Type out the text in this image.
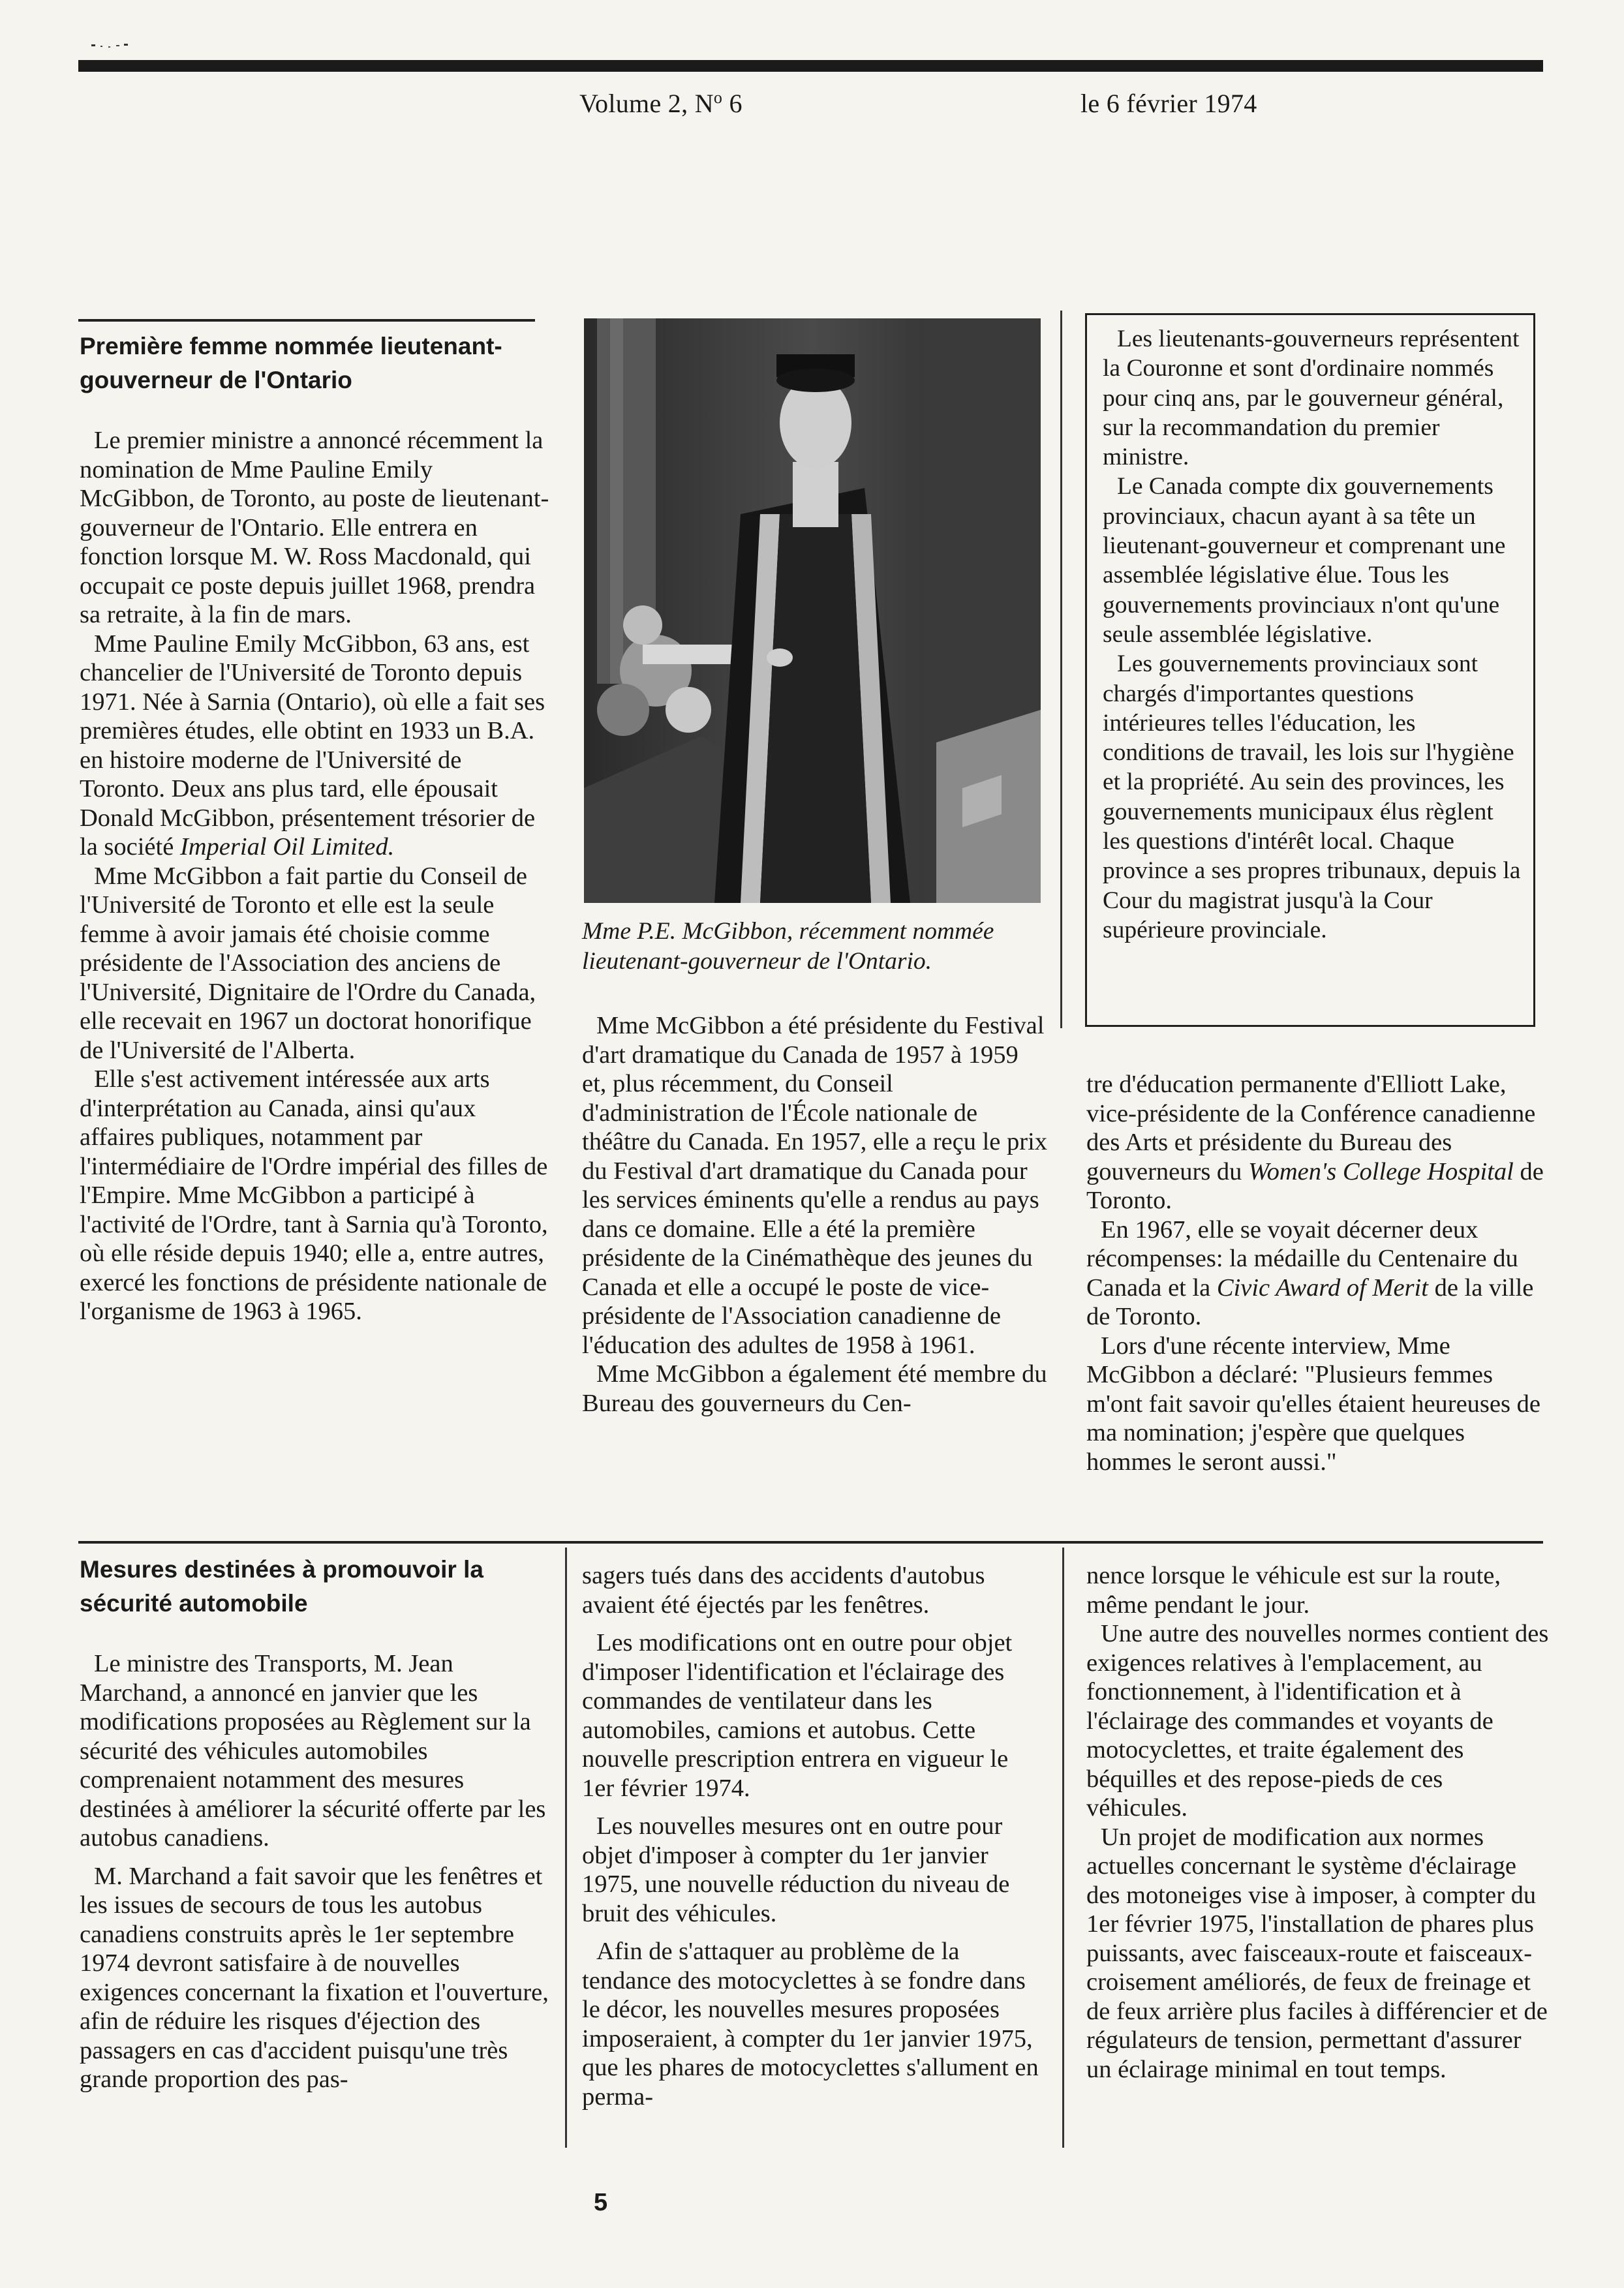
Volume 2, $N^o$ 6	le 6 février 1974
Première femme nommée lieutenant-gouverneur de l'Ontario

Le premier ministre a annoncé récemment la nomination de Mme Pauline Emily McGibbon, de Toronto, au poste de lieutenant-gouverneur de l'Ontario. Elle entrera en fonction lorsque M. W. Ross Macdonald, qui occupait ce poste depuis juillet 1968, prendra sa retraite, à la fin de mars.

Mme Pauline Emily McGibbon, 63 ans, est chancelier de l'Université de Toronto depuis 1971. Née à Sarnia (Ontario), où elle a fait ses premières études, elle obtint en 1933 un B.A. en histoire moderne de l'Université de Toronto. Deux ans plus tard, elle épousait Donald McGibbon, présentement trésorier de la société Imperial Oil Limited.

Mme McGibbon a fait partie du Conseil de l'Université de Toronto et elle est la seule femme à avoir jamais été choisie comme présidente de l'Association des anciens de l'Université, Dignitaire de l'Ordre du Canada, elle recevait en 1967 un doctorat honorifique de l'Université de l'Alberta.

Elle s'est activement intéressée aux arts d'interprétation au Canada, ainsi qu'aux affaires publiques, notamment par l'intermédiaire de l'Ordre impérial des filles de l'Empire. Mme McGibbon a participé à l'activité de l'Ordre, tant à Sarnia qu'à Toronto, où elle réside depuis 1940; elle a, entre autres, exercé les fonctions de présidente nationale de l'organisme de 1963 à 1965.

Mme P.E. McGibbon, récemment nommée lieutenant-gouverneur de l'Ontario.

Mme McGibbon a été présidente du Festival d'art dramatique du Canada de 1957 à 1959 et, plus récemment, du Conseil d'administration de l'École nationale de théâtre du Canada. En 1957, elle a reçu le prix du Festival d'art dramatique du Canada pour les services éminents qu'elle a rendus au pays dans ce domaine. Elle a été la première présidente de la Cinémathèque des jeunes du Canada et elle a occupé le poste de vice-présidente de l'Association canadienne de l'éducation des adultes de 1958 à 1961.

Mme McGibbon a également été membre du Bureau des gouverneurs du Cen-

Les lieutenants-gouverneurs représentent la Couronne et sont d'ordinaire nommés pour cinq ans, par le gouverneur général, sur la recommandation du premier ministre.

Le Canada compte dix gouvernements provinciaux, chacun ayant à sa tête un lieutenant-gouverneur et comprenant une assemblée législative élue. Tous les gouvernements provinciaux n'ont qu'une seule assemblée législative.

Les gouvernements provinciaux sont chargés d'importantes questions intérieures telles l'éducation, les conditions de travail, les lois sur l'hygiène et la propriété. Au sein des provinces, les gouvernements municipaux élus règlent les questions d'intérêt local. Chaque province a ses propres tribunaux, depuis la Cour du magistrat jusqu'à la Cour supérieure provinciale.

tre d'éducation permanente d'Elliott Lake, vice-présidente de la Conférence canadienne des Arts et présidente du Bureau des gouverneurs du Women's College Hospital de Toronto.

En 1967, elle se voyait décerner deux récompenses: la médaille du Centenaire du Canada et la Civic Award of Merit de la ville de Toronto.

Lors d'une récente interview, Mme McGibbon a déclaré: "Plusieurs femmes m'ont fait savoir qu'elles étaient heureuses de ma nomination; j'espère que quelques hommes le seront aussi."

Mesures destinées à promouvoir la sécurité automobile

Le ministre des Transports, M. Jean Marchand, a annoncé en janvier que les modifications proposées au Règlement sur la sécurité des véhicules automobiles comprenaient notamment des mesures destinées à améliorer la sécurité offerte par les autobus canadiens.

M. Marchand a fait savoir que les fenêtres et les issues de secours de tous les autobus canadiens construits après le 1er septembre 1974 devront satisfaire à de nouvelles exigences concernant la fixation et l'ouverture, afin de réduire les risques d'éjection des passagers en cas d'accident puisqu'une très grande proportion des pas-

sagers tués dans des accidents d'autobus avaient été éjectés par les fenêtres.

Les modifications ont en outre pour objet d'imposer l'identification et l'éclairage des commandes de ventilateur dans les automobiles, camions et autobus. Cette nouvelle prescription entrera en vigueur le 1er février 1974.

Les nouvelles mesures ont en outre pour objet d'imposer à compter du 1er janvier 1975, une nouvelle réduction du niveau de bruit des véhicules.

Afin de s'attaquer au problème de la tendance des motocyclettes à se fondre dans le décor, les nouvelles mesures proposées imposeraient, à compter du 1er janvier 1975, que les phares de motocyclettes s'allument en perma-

nence lorsque le véhicule est sur la route, même pendant le jour.

Une autre des nouvelles normes contient des exigences relatives à l'emplacement, au fonctionnement, à l'identification et à l'éclairage des commandes et voyants de motocyclettes, et traite également des béquilles et des repose-pieds de ces véhicules.

Un projet de modification aux normes actuelles concernant le système d'éclairage des motoneiges vise à imposer, à compter du 1er février 1975, l'installation de phares plus puissants, avec faisceaux-route et faisceaux-croisement améliorés, de feux de freinage et de feux arrière plus faciles à différencier et de régulateurs de tension, permettant d'assurer un éclairage minimal en tout temps.

5
